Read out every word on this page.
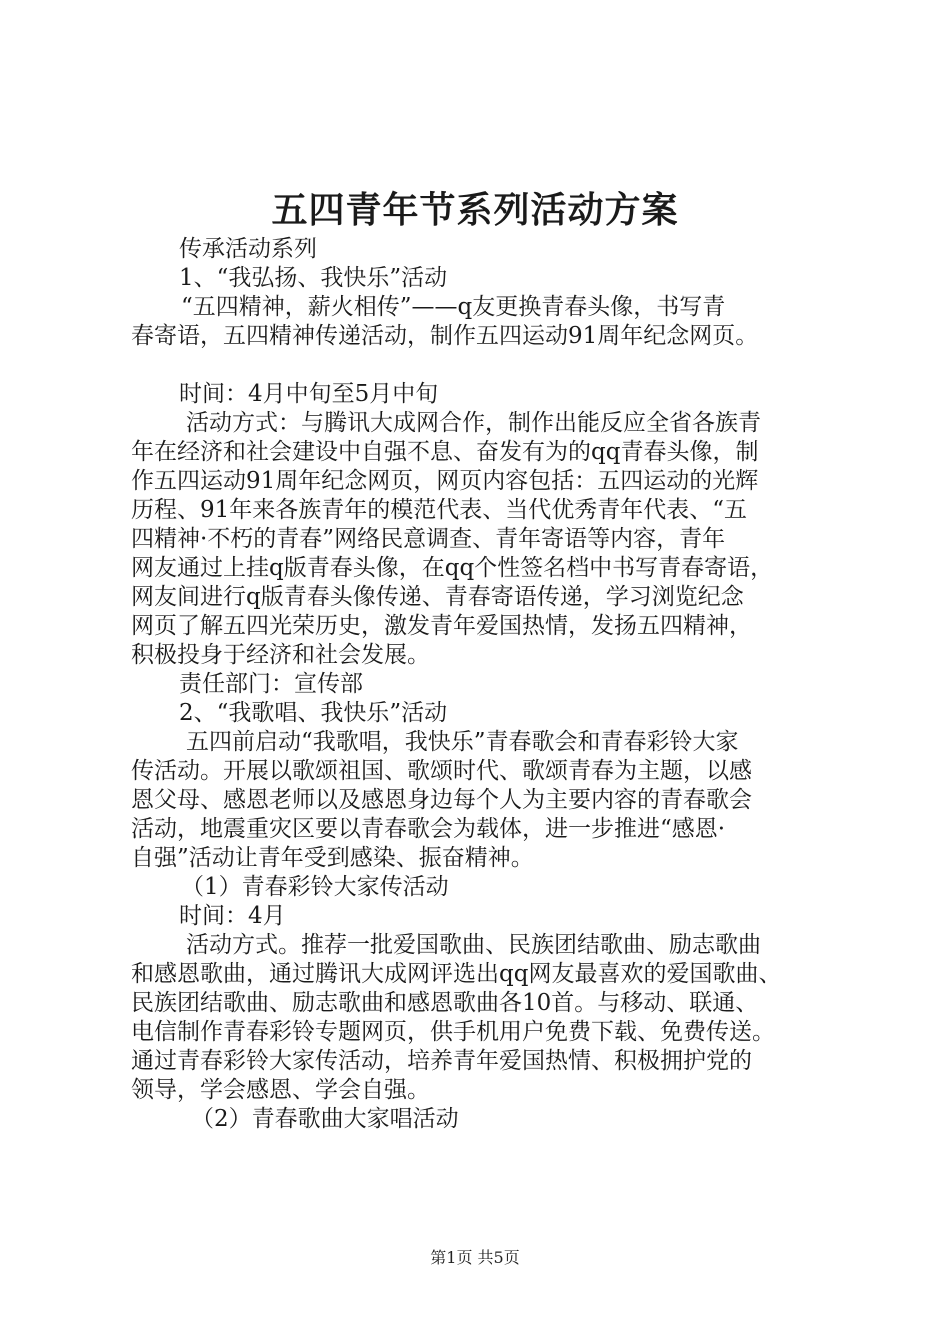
五四青年节系列活动方案

传承活动系列

1、“我弘扬、我快乐”活动

“五四精神，薪火相传”——q友更换青春头像，书写青

春寄语，五四精神传递活动，制作五四运动91周年纪念网页。

时间：4月中旬至5月中旬

活动方式：与腾讯大成网合作，制作出能反应全省各族青

年在经济和社会建设中自强不息、奋发有为的qq青春头像，制

作五四运动91周年纪念网页，网页内容包括：五四运动的光辉

历程、91年来各族青年的模范代表、当代优秀青年代表、“五

四精神·不朽的青春”网络民意调查、青年寄语等内容，青年

网友通过上挂q版青春头像，在qq个性签名档中书写青春寄语，

网友间进行q版青春头像传递、青春寄语传递，学习浏览纪念

网页了解五四光荣历史，激发青年爱国热情，发扬五四精神，

积极投身于经济和社会发展。

责任部门：宣传部

2、“我歌唱、我快乐”活动

五四前启动“我歌唱，我快乐”青春歌会和青春彩铃大家

传活动。开展以歌颂祖国、歌颂时代、歌颂青春为主题，以感

恩父母、感恩老师以及感恩身边每个人为主要内容的青春歌会

活动，地震重灾区要以青春歌会为载体，进一步推进“感恩·

自强”活动让青年受到感染、振奋精神。

（1）青春彩铃大家传活动

时间：4月

活动方式。推荐一批爱国歌曲、民族团结歌曲、励志歌曲

和感恩歌曲，通过腾讯大成网评选出qq网友最喜欢的爱国歌曲、

民族团结歌曲、励志歌曲和感恩歌曲各10首。与移动、联通、

电信制作青春彩铃专题网页，供手机用户免费下载、免费传送。

通过青春彩铃大家传活动，培养青年爱国热情、积极拥护党的

领导，学会感恩、学会自强。

（2）青春歌曲大家唱活动

第1页 共5页
